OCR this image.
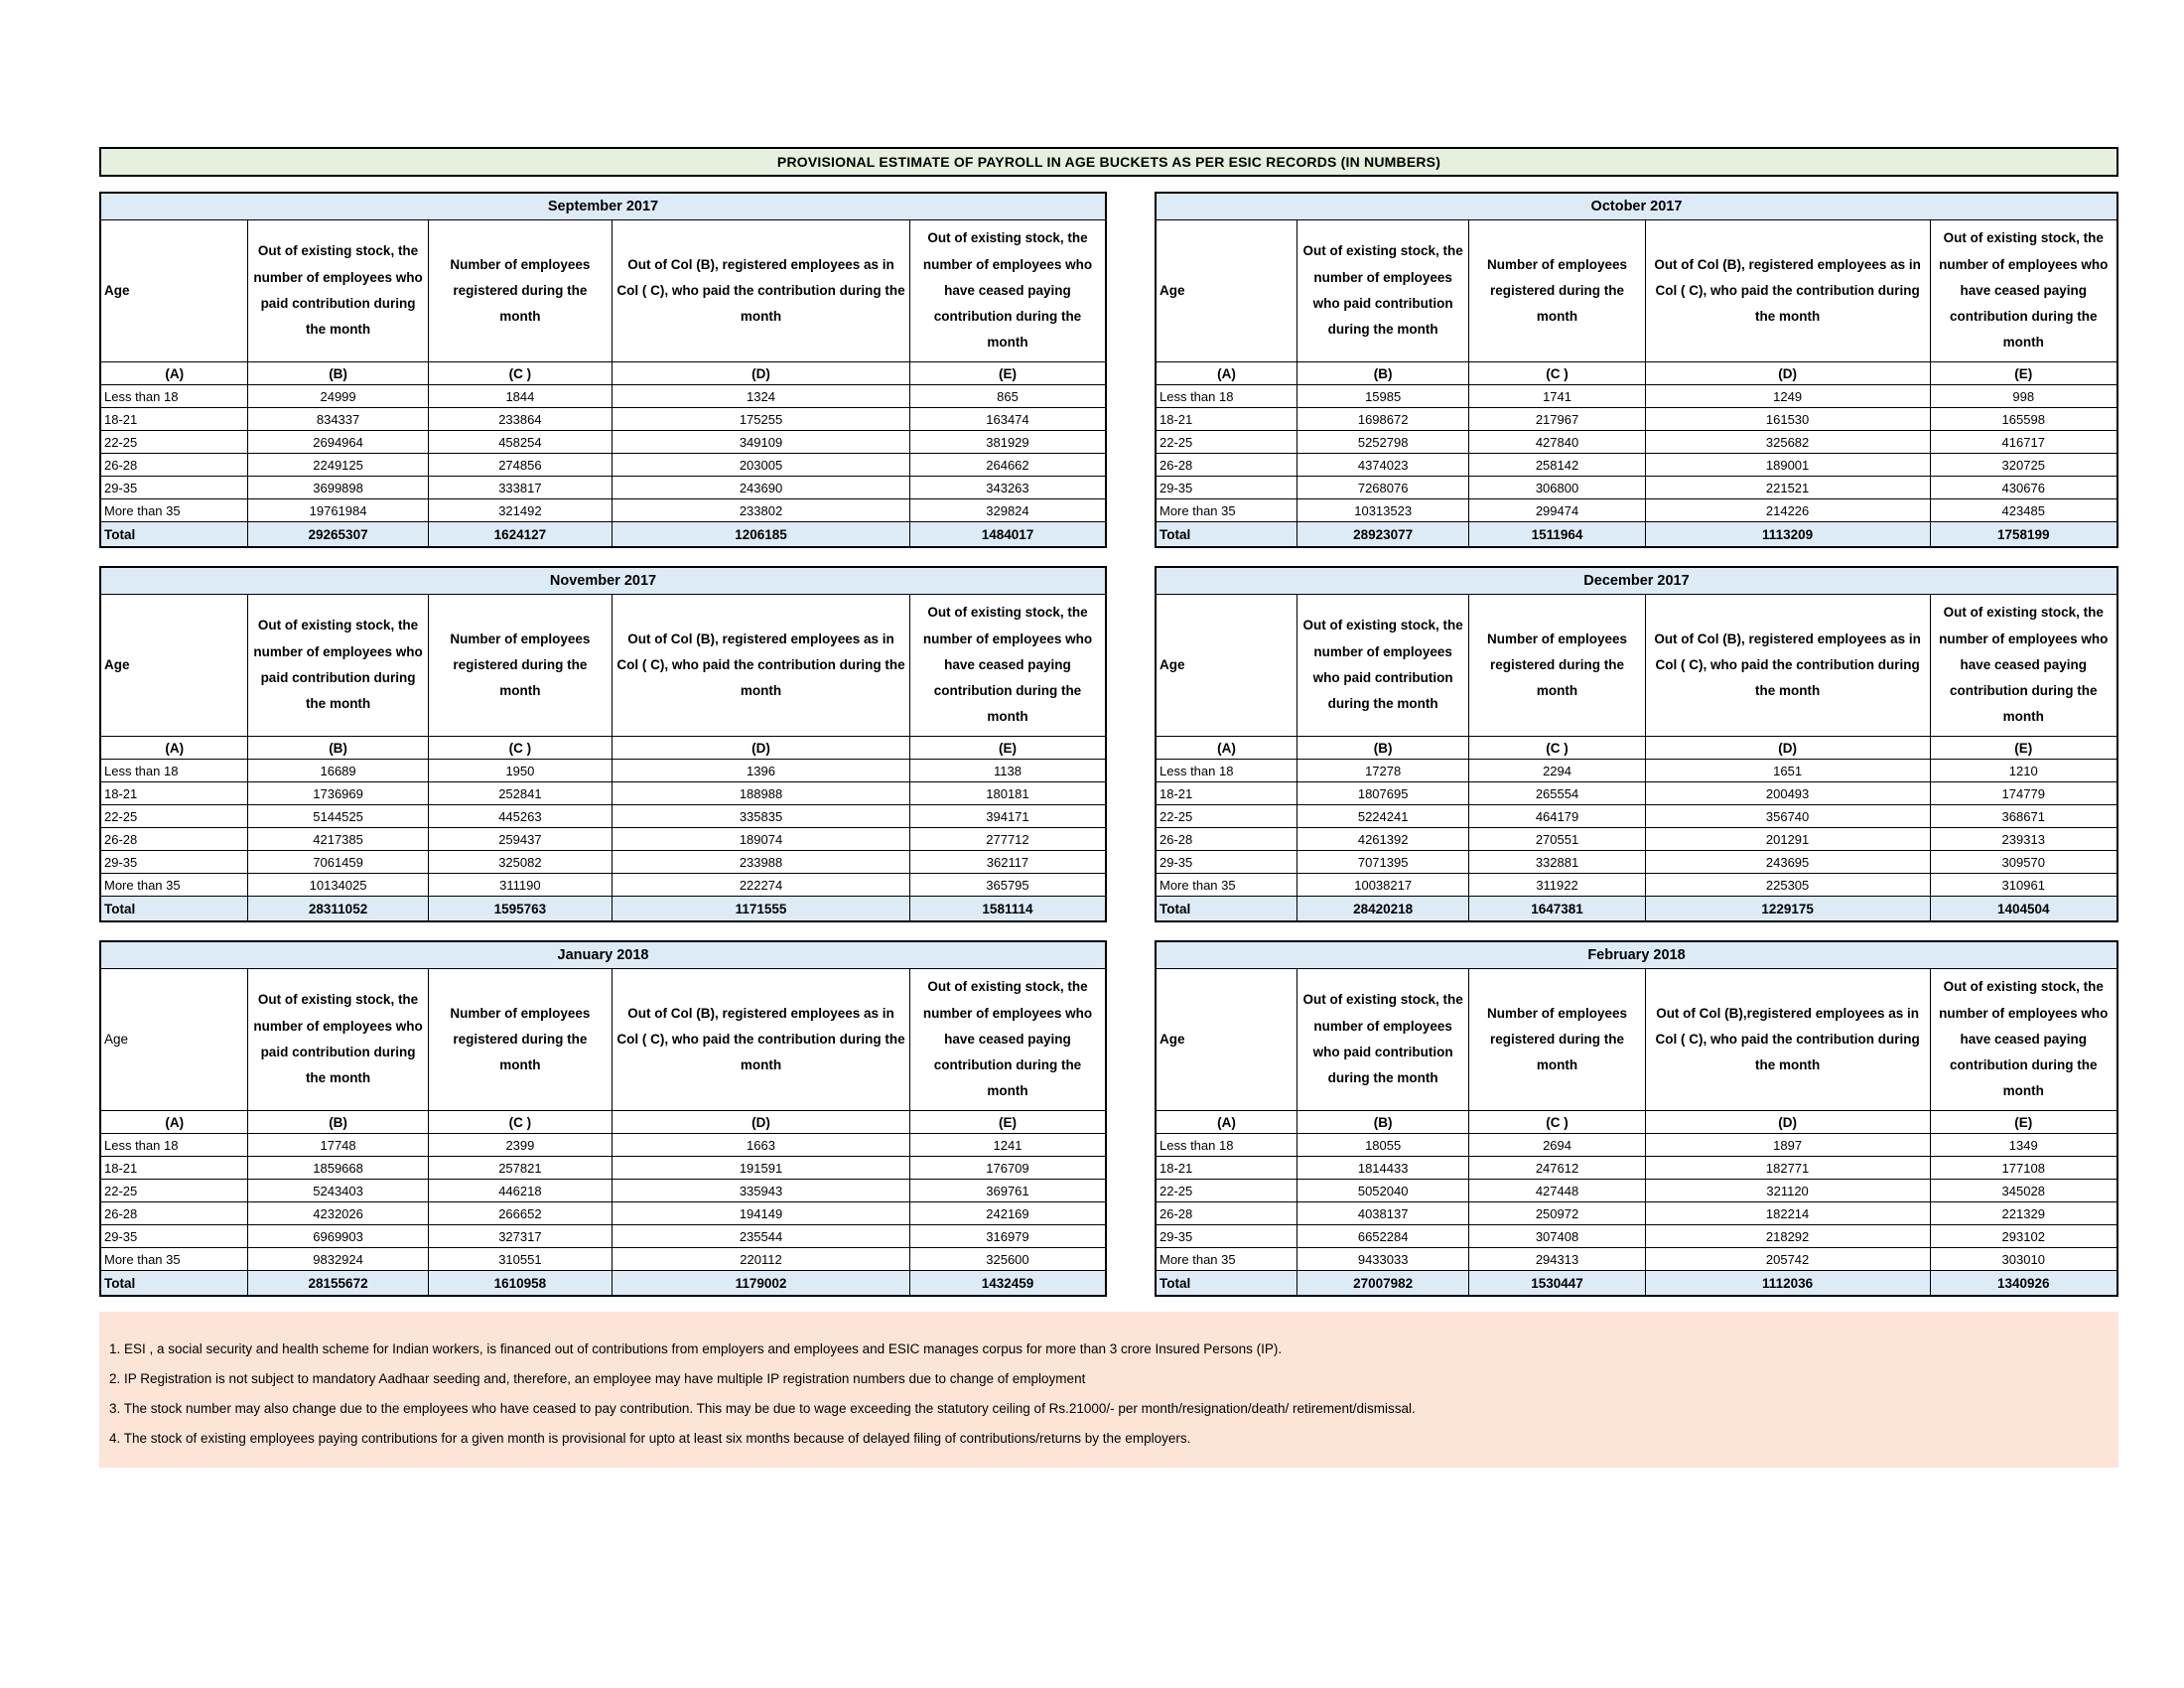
PROVISIONAL ESTIMATE OF PAYROLL IN AGE BUCKETS AS PER ESIC RECORDS (IN NUMBERS)
September 2017				
Age	Out of existing stock, the number of employees who paid contribution during the month	Number of employees registered during the month	Out of Col (B), registered employees as in Col ( C), who paid the contribution during the month	Out of existing stock, the number of employees who have ceased paying contribution during the month
(A)	(B)	(C )	(D)	(E)
Less than 18	24999	1844	1324	865
18-21	834337	233864	175255	163474
22-25	2694964	458254	349109	381929
26-28	2249125	274856	203005	264662
29-35	3699898	333817	243690	343263
More than 35	19761984	321492	233802	329824
Total	29265307	1624127	1206185	1484017
October 2017				
Age	Out of existing stock, the number of employees who paid contribution during the month	Number of employees registered during the month	Out of Col (B), registered employees as in Col ( C), who paid the contribution during the month	Out of existing stock, the number of employees who have ceased paying contribution during the month
(A)	(B)	(C )	(D)	(E)
Less than 18	15985	1741	1249	998
18-21	1698672	217967	161530	165598
22-25	5252798	427840	325682	416717
26-28	4374023	258142	189001	320725
29-35	7268076	306800	221521	430676
More than 35	10313523	299474	214226	423485
Total	28923077	1511964	1113209	1758199
November 2017				
Age	Out of existing stock, the number of employees who paid contribution during the month	Number of employees registered during the month	Out of Col (B), registered employees as in Col ( C), who paid the contribution during the month	Out of existing stock, the number of employees who have ceased paying contribution during the month
(A)	(B)	(C )	(D)	(E)
Less than 18	16689	1950	1396	1138
18-21	1736969	252841	188988	180181
22-25	5144525	445263	335835	394171
26-28	4217385	259437	189074	277712
29-35	7061459	325082	233988	362117
More than 35	10134025	311190	222274	365795
Total	28311052	1595763	1171555	1581114
December 2017				
Age	Out of existing stock, the number of employees who paid contribution during the month	Number of employees registered during the month	Out of Col (B), registered employees as in Col ( C), who paid the contribution during the month	Out of existing stock, the number of employees who have ceased paying contribution during the month
(A)	(B)	(C )	(D)	(E)
Less than 18	17278	2294	1651	1210
18-21	1807695	265554	200493	174779
22-25	5224241	464179	356740	368671
26-28	4261392	270551	201291	239313
29-35	7071395	332881	243695	309570
More than 35	10038217	311922	225305	310961
Total	28420218	1647381	1229175	1404504
January 2018				
Age	Out of existing stock, the number of employees who paid contribution during the month	Number of employees registered during the month	Out of Col (B), registered employees as in Col ( C), who paid the contribution during the month	Out of existing stock, the number of employees who have ceased paying contribution during the month
(A)	(B)	(C )	(D)	(E)
Less than 18	17748	2399	1663	1241
18-21	1859668	257821	191591	176709
22-25	5243403	446218	335943	369761
26-28	4232026	266652	194149	242169
29-35	6969903	327317	235544	316979
More than 35	9832924	310551	220112	325600
Total	28155672	1610958	1179002	1432459
February 2018				
Age	Out of existing stock, the number of employees who paid contribution during the month	Number of employees registered during the month	Out of Col (B),registered employees as in Col ( C), who paid the contribution during the month	Out of existing stock, the number of employees who have ceased paying contribution during the month
(A)	(B)	(C )	(D)	(E)
Less than 18	18055	2694	1897	1349
18-21	1814433	247612	182771	177108
22-25	5052040	427448	321120	345028
26-28	4038137	250972	182214	221329
29-35	6652284	307408	218292	293102
More than 35	9433033	294313	205742	303010
Total	27007982	1530447	1112036	1340926

1. ESI , a social security and health scheme for Indian workers, is financed out of contributions from employers and employees and ESIC manages corpus for more than 3 crore Insured Persons (IP).

2. IP Registration is not subject to mandatory Aadhaar seeding and, therefore, an employee may have multiple IP registration numbers due to change of employment

3. The stock number may also change due to the employees who have ceased to pay contribution. This may be due to wage exceeding the statutory ceiling of Rs.21000/- per month/resignation/death/ retirement/dismissal.

4. The stock of existing employees paying contributions for a given month is provisional for upto at least six months because of delayed filing of contributions/returns by the employers.
